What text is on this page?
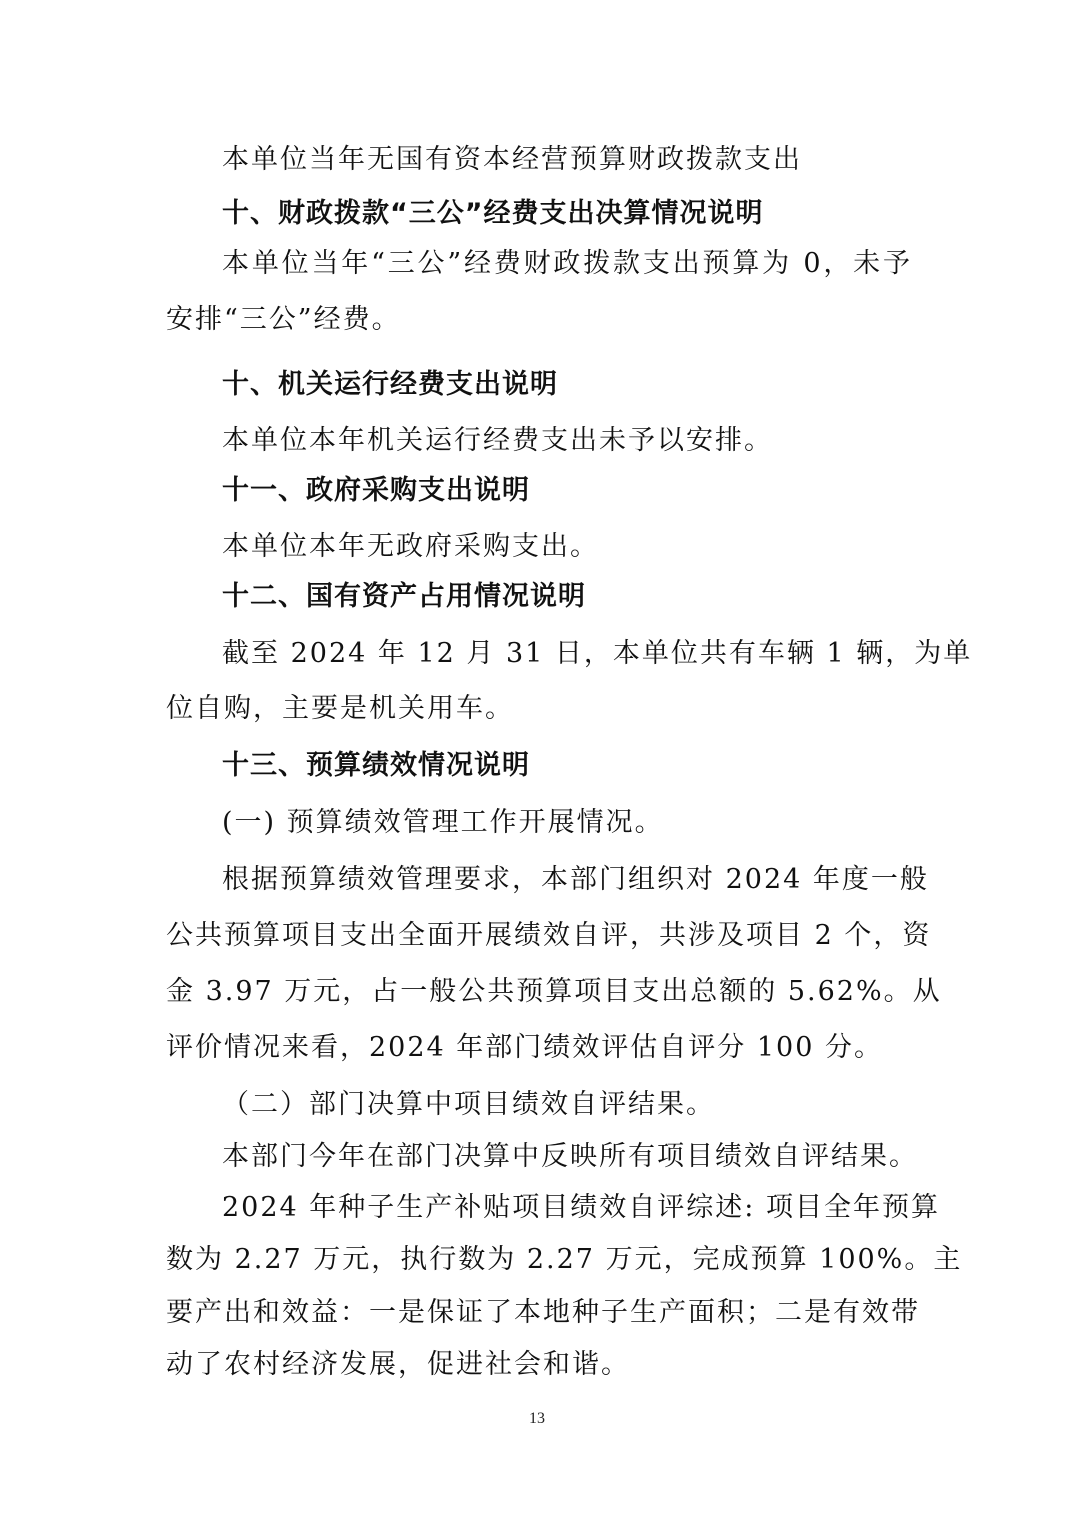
本单位当年无国有资本经营预算财政拨款支出
十、财政拨款“三公”经费支出决算情况说明
本单位当年“三公”经费财政拨款支出预算为 0，未予
安排“三公”经费。
十、机关运行经费支出说明
本单位本年机关运行经费支出未予以安排。
十一、政府采购支出说明
本单位本年无政府采购支出。
十二、国有资产占用情况说明
截至 2024 年 12 月 31 日，本单位共有车辆 1 辆，为单
位自购，主要是机关用车。
十三、预算绩效情况说明
(一) 预算绩效管理工作开展情况。
根据预算绩效管理要求，本部门组织对 2024 年度一般
公共预算项目支出全面开展绩效自评，共涉及项目 2 个，资
金 3.97 万元，占一般公共预算项目支出总额的 5.62%。从
评价情况来看，2024 年部门绩效评估自评分 100 分。
（二）部门决算中项目绩效自评结果。
本部门今年在部门决算中反映所有项目绩效自评结果。
2024 年种子生产补贴项目绩效自评综述: 项目全年预算
数为 2.27 万元，执行数为 2.27 万元，完成预算 100%。主
要产出和效益：一是保证了本地种子生产面积；二是有效带
动了农村经济发展，促进社会和谐。
13
